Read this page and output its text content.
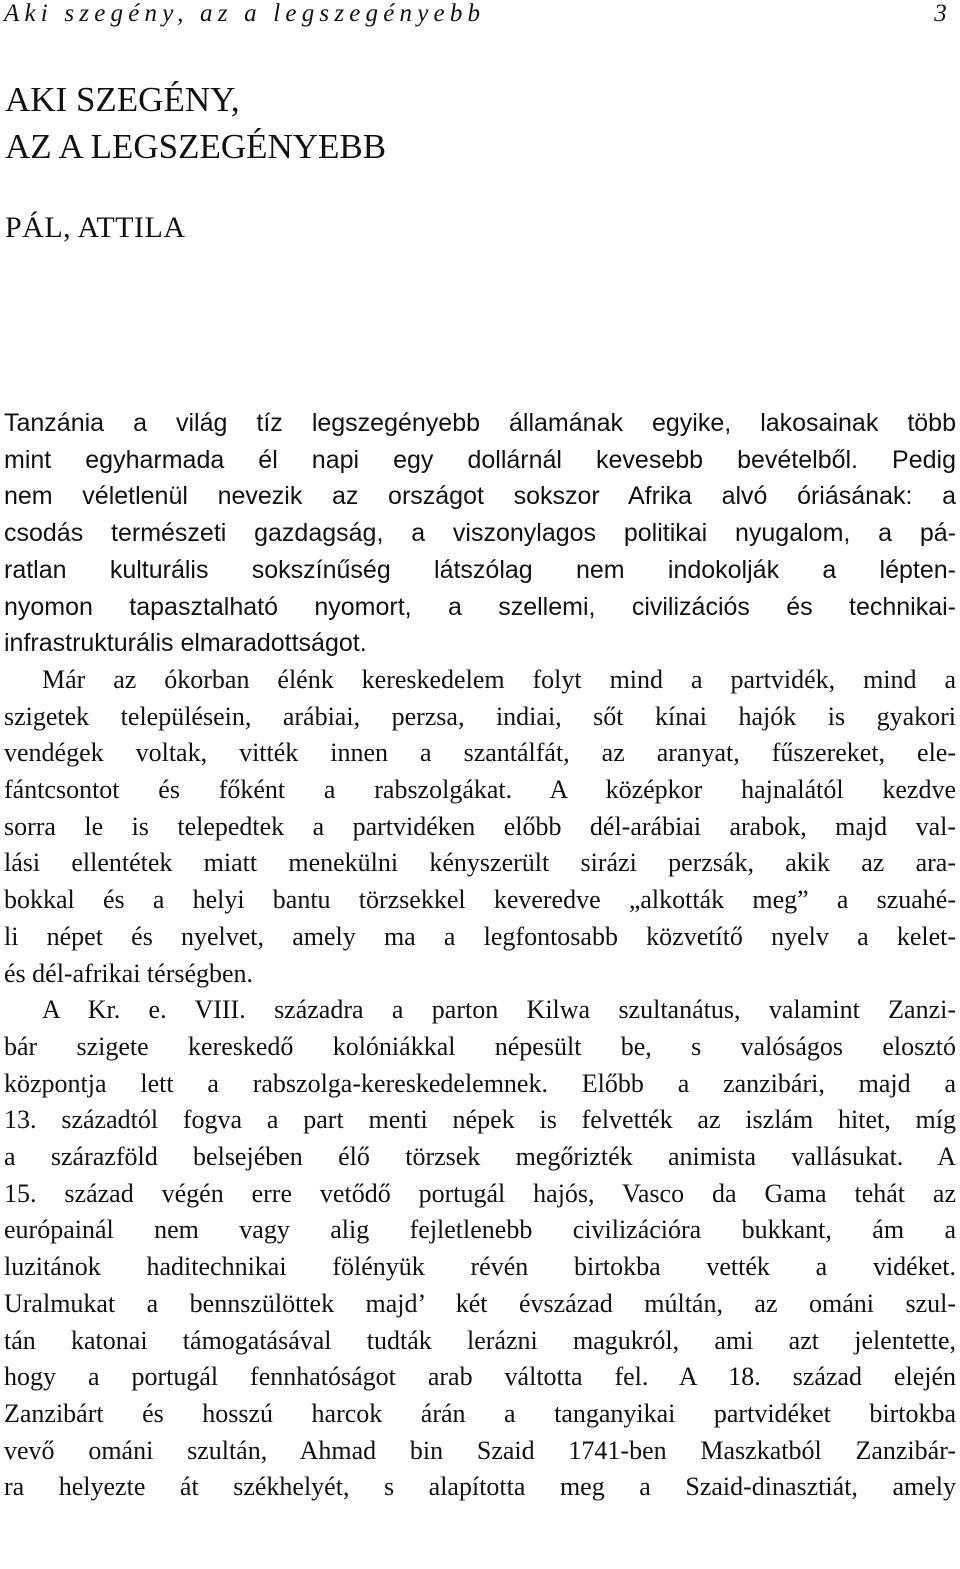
Aki szegény, az a legszegényebb	3
AKI SZEGÉNY,
AZ A LEGSZEGÉNYEBB

PÁL, ATTILA

Tanzánia a világ tíz legszegényebb államának egyike, lakosainak több
mint egyharmada él napi egy dollárnál kevesebb bevételből. Pedig
nem véletlenül nevezik az országot sokszor Afrika alvó óriásának: a
csodás természeti gazdagság, a viszonylagos politikai nyugalom, a pá-
ratlan kulturális sokszínűség látszólag nem indokolják a lépten-
nyomon tapasztalható nyomort, a szellemi, civilizációs és technikai-
infrastrukturális elmaradottságot.

Már az ókorban élénk kereskedelem folyt mind a partvidék, mind a
szigetek településein, arábiai, perzsa, indiai, sőt kínai hajók is gyakori
vendégek voltak, vitték innen a szantálfát, az aranyat, fűszereket, ele-
fántcsontot és főként a rabszolgákat. A középkor hajnalától kezdve
sorra le is telepedtek a partvidéken előbb dél-arábiai arabok, majd val-
lási ellentétek miatt menekülni kényszerült sirázi perzsák, akik az ara-
bokkal és a helyi bantu törzsekkel keveredve „alkották meg” a szuahé-
li népet és nyelvet, amely ma a legfontosabb közvetítő nyelv a kelet-
és dél-afrikai térségben.

A Kr. e. VIII. századra a parton Kilwa szultanátus, valamint Zanzi-
bár szigete kereskedő kolóniákkal népesült be, s valóságos elosztó
központja lett a rabszolga-kereskedelemnek. Előbb a zanzibári, majd a
13. századtól fogva a part menti népek is felvették az iszlám hitet, míg
a szárazföld belsejében élő törzsek megőrizték animista vallásukat. A
15. század végén erre vetődő portugál hajós, Vasco da Gama tehát az
európainál nem vagy alig fejletlenebb civilizációra bukkant, ám a
luzitánok haditechnikai fölényük révén birtokba vették a vidéket.
Uralmukat a bennszülöttek majd’ két évszázad múltán, az ománi szul-
tán katonai támogatásával tudták lerázni magukról, ami azt jelentette,
hogy a portugál fennhatóságot arab váltotta fel. A 18. század elején
Zanzibárt és hosszú harcok árán a tanganyikai partvidéket birtokba
vevő ománi szultán, Ahmad bin Szaid 1741-ben Maszkatból Zanzibár-
ra helyezte át székhelyét, s alapította meg a Szaid-dinasztiát, amely
